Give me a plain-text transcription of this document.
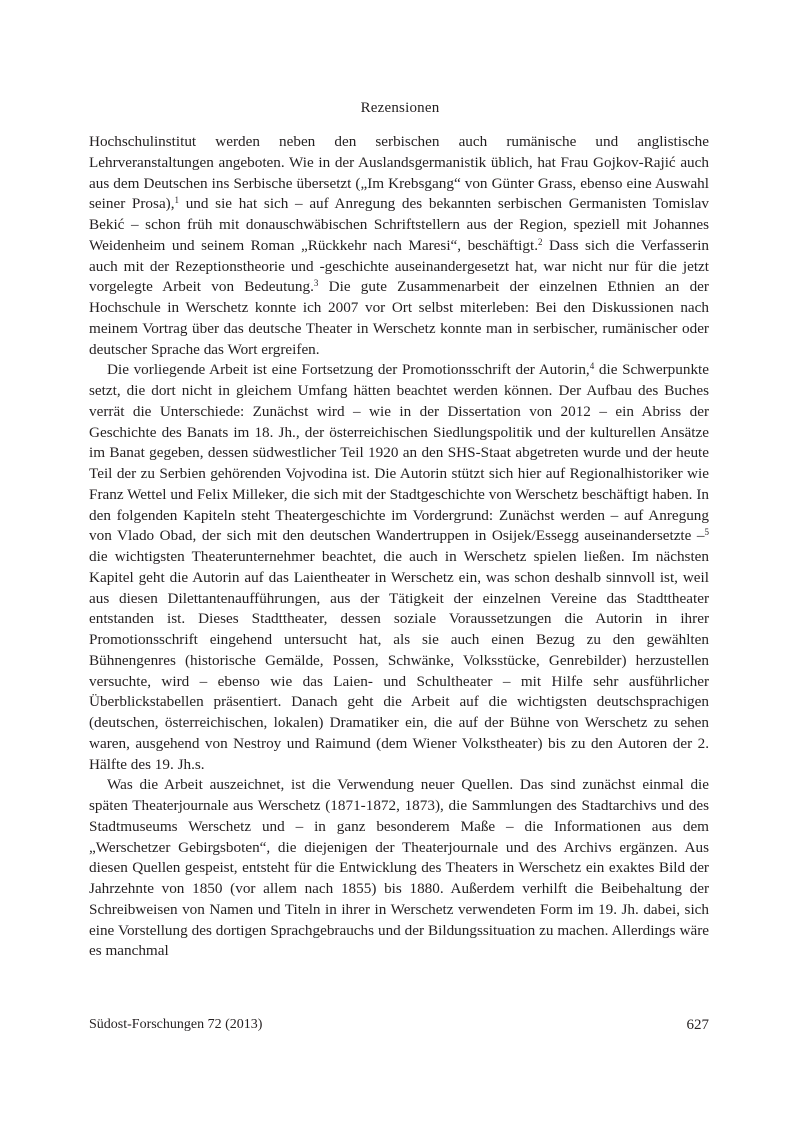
Rezensionen

Hochschulinstitut werden neben den serbischen auch rumänische und anglistische Lehrveranstaltungen angeboten. Wie in der Auslandsgermanistik üblich, hat Frau Gojkov-Rajić auch aus dem Deutschen ins Serbische übersetzt („Im Krebsgang“ von Günter Grass, ebenso eine Auswahl seiner Prosa),$^1$ und sie hat sich – auf Anregung des bekannten serbischen Germanisten Tomislav Bekić – schon früh mit donauschwäbischen Schriftstellern aus der Region, speziell mit Johannes Weidenheim und seinem Roman „Rückkehr nach Maresi“, beschäftigt.$^2$ Dass sich die Verfasserin auch mit der Rezeptionstheorie und -geschichte auseinandergesetzt hat, war nicht nur für die jetzt vorgelegte Arbeit von Bedeutung.$^3$ Die gute Zusammenarbeit der einzelnen Ethnien an der Hochschule in Werschetz konnte ich 2007 vor Ort selbst miterleben: Bei den Diskussionen nach meinem Vortrag über das deutsche Theater in Werschetz konnte man in serbischer, rumänischer oder deutscher Sprache das Wort ergreifen.

Die vorliegende Arbeit ist eine Fortsetzung der Promotionsschrift der Autorin,$^4$ die Schwerpunkte setzt, die dort nicht in gleichem Umfang hätten beachtet werden können. Der Aufbau des Buches verrät die Unterschiede: Zunächst wird – wie in der Dissertation von 2012 – ein Abriss der Geschichte des Banats im 18. Jh., der österreichischen Siedlungspolitik und der kulturellen Ansätze im Banat gegeben, dessen südwestlicher Teil 1920 an den SHS-Staat abgetreten wurde und der heute Teil der zu Serbien gehörenden Vojvodina ist. Die Autorin stützt sich hier auf Regionalhistoriker wie Franz Wettel und Felix Milleker, die sich mit der Stadtgeschichte von Werschetz beschäftigt haben. In den folgenden Kapiteln steht Theatergeschichte im Vordergrund: Zunächst werden – auf Anregung von Vlado Obad, der sich mit den deutschen Wandertruppen in Osijek/Essegg auseinandersetzte –$^5$ die wichtigsten Theaterunternehmer beachtet, die auch in Werschetz spielen ließen. Im nächsten Kapitel geht die Autorin auf das Laientheater in Werschetz ein, was schon deshalb sinnvoll ist, weil aus diesen Dilettantenaufführungen, aus der Tätigkeit der einzelnen Vereine das Stadttheater entstanden ist. Dieses Stadttheater, dessen soziale Voraussetzungen die Autorin in ihrer Promotionsschrift eingehend untersucht hat, als sie auch einen Bezug zu den gewählten Bühnengenres (historische Gemälde, Possen, Schwänke, Volksstücke, Genrebilder) herzustellen versuchte, wird – ebenso wie das Laien- und Schultheater – mit Hilfe sehr ausführlicher Überblickstabellen präsentiert. Danach geht die Arbeit auf die wichtigsten deutschsprachigen (deutschen, österreichischen, lokalen) Dramatiker ein, die auf der Bühne von Werschetz zu sehen waren, ausgehend von Nestroy und Raimund (dem Wiener Volkstheater) bis zu den Autoren der 2. Hälfte des 19. Jh.s.

Was die Arbeit auszeichnet, ist die Verwendung neuer Quellen. Das sind zunächst einmal die späten Theaterjournale aus Werschetz (1871-1872, 1873), die Sammlungen des Stadtarchivs und des Stadtmuseums Werschetz und – in ganz besonderem Maße – die Informationen aus dem „Werschetzer Gebirgsboten“, die diejenigen der Theaterjournale und des Archivs ergänzen. Aus diesen Quellen gespeist, entsteht für die Entwicklung des Theaters in Werschetz ein exaktes Bild der Jahrzehnte von 1850 (vor allem nach 1855) bis 1880. Außerdem verhilft die Beibehaltung der Schreibweisen von Namen und Titeln in ihrer in Werschetz verwendeten Form im 19. Jh. dabei, sich eine Vorstellung des dortigen Sprachgebrauchs und der Bildungssituation zu machen. Allerdings wäre es manchmal

Südost-Forschungen 72 (2013)	627
